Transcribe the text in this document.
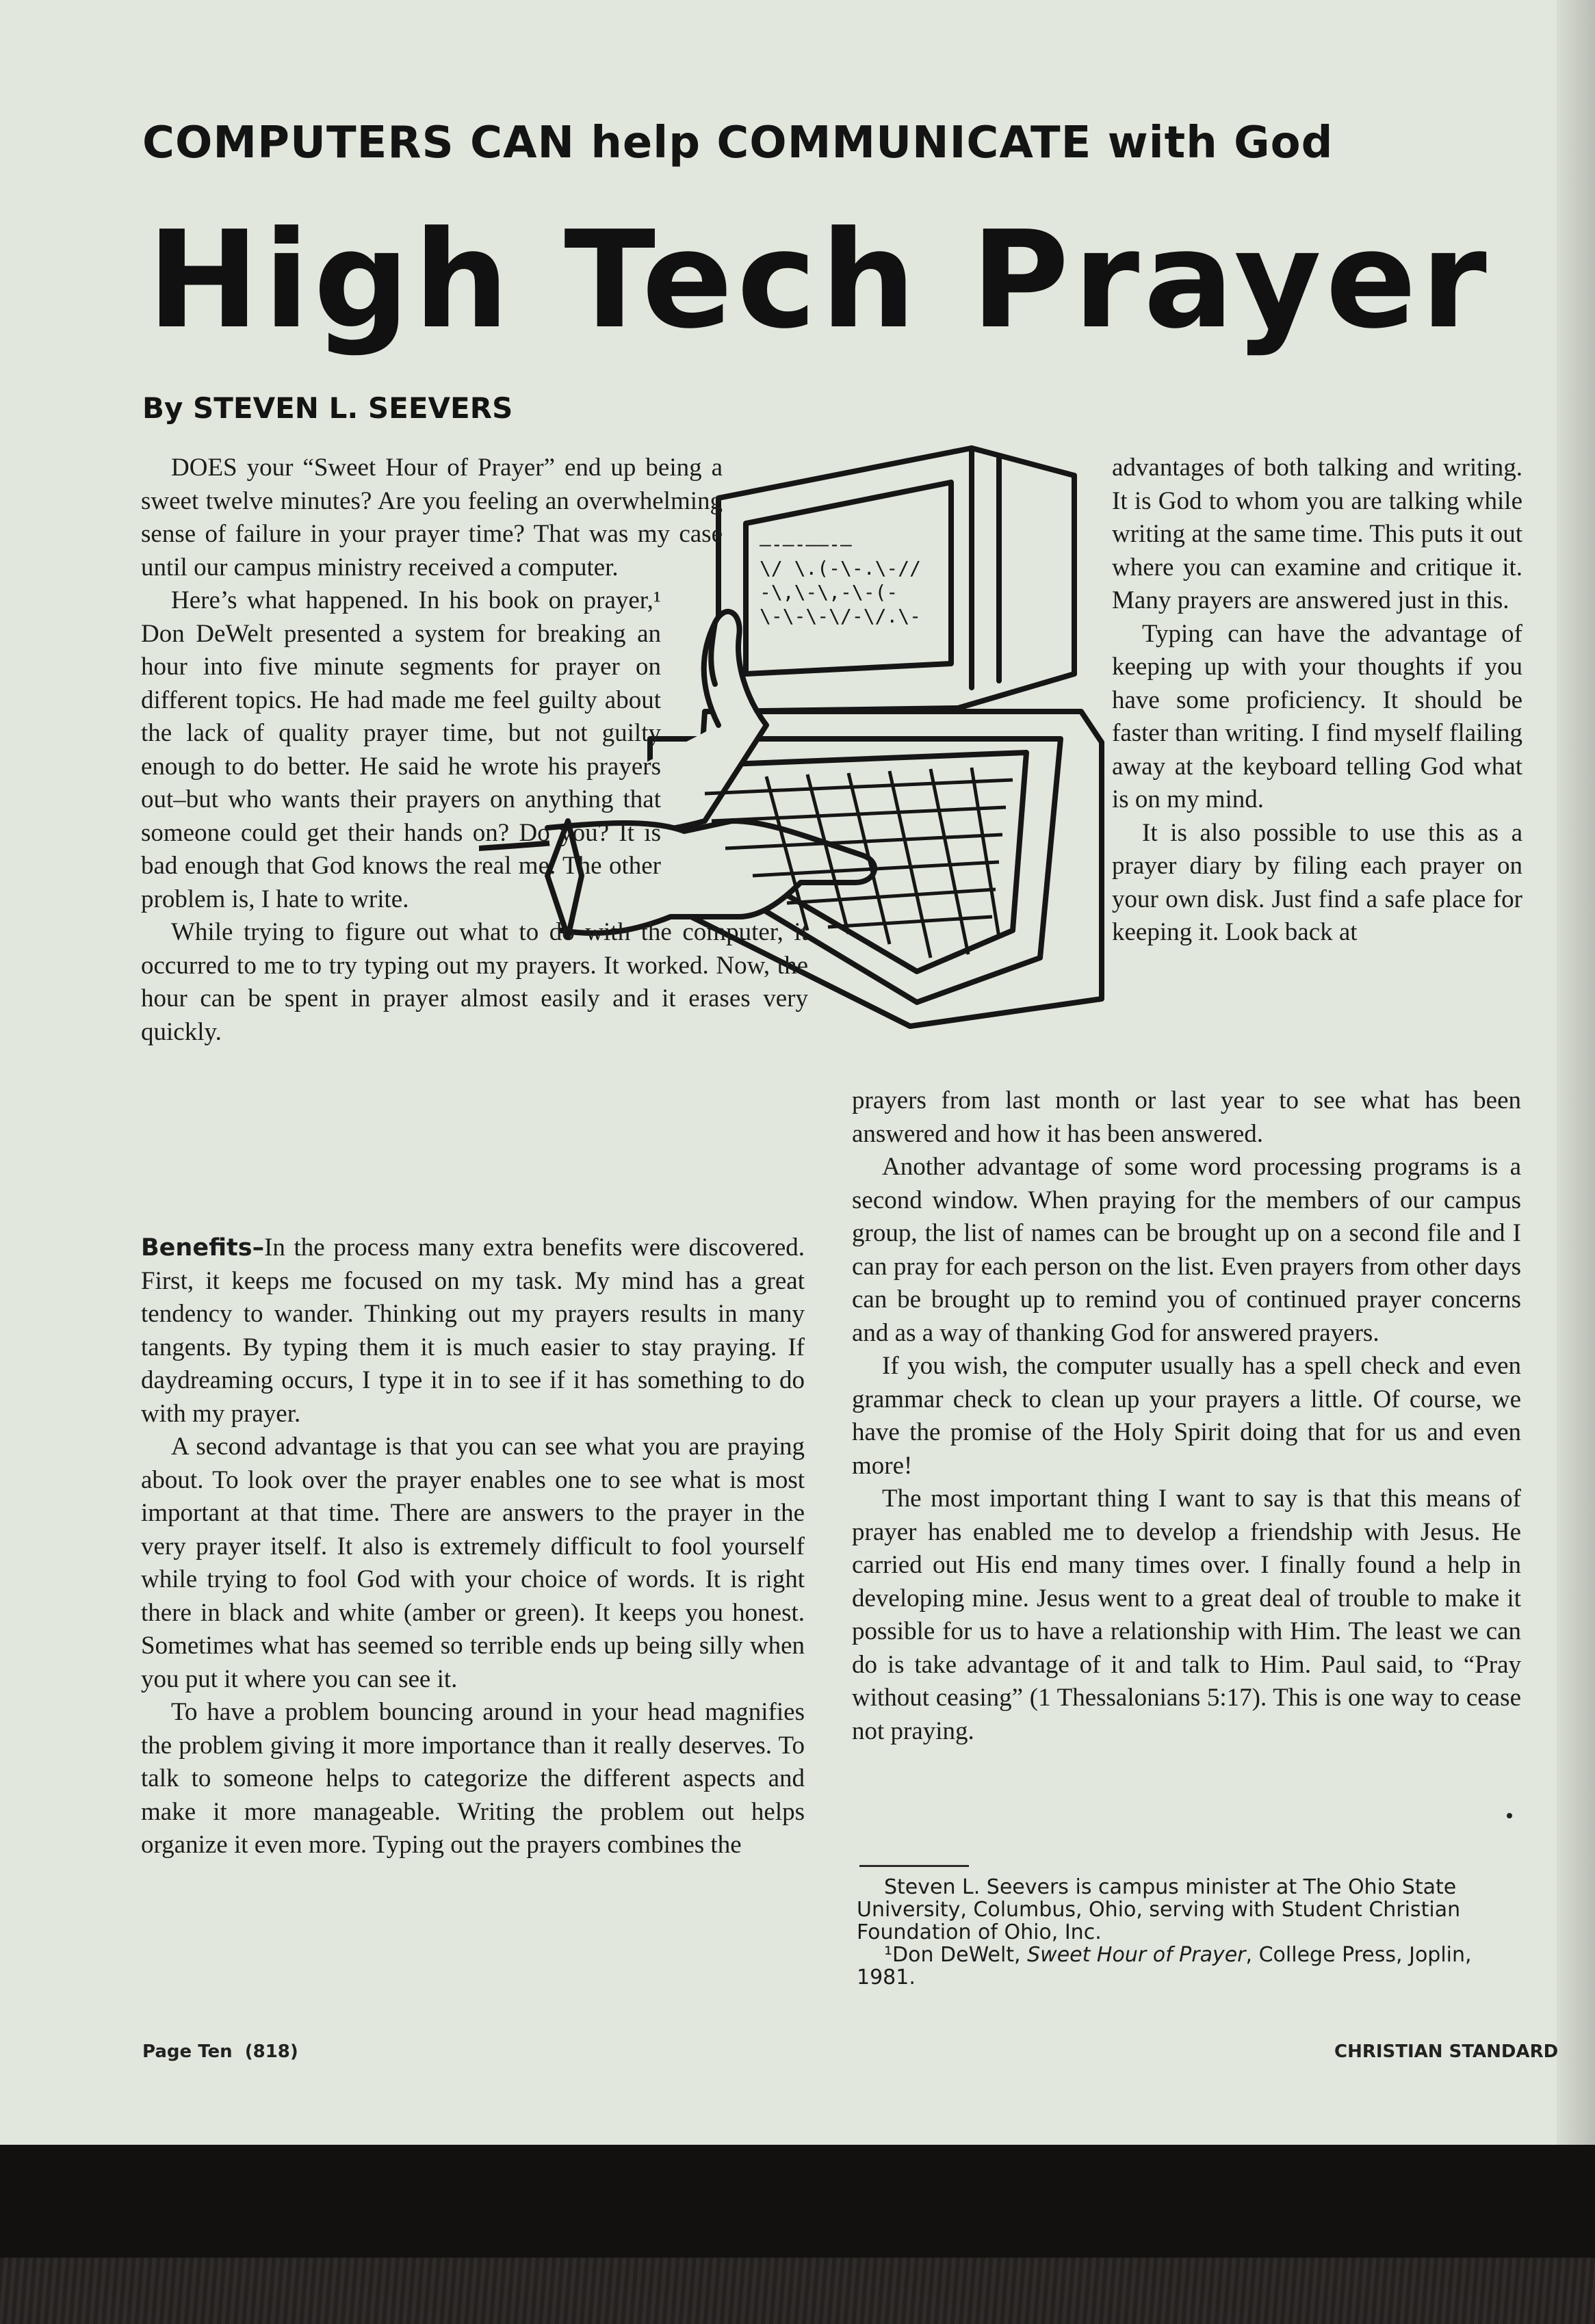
COMPUTERS CAN help COMMUNICATE with God
High Tech Prayer
By STEVEN L. SEEVERS
—-—-——-—
\/ \.(-\-.\-//
-\,\-\,-\-(-
\-\-\-\/-\/.\-

DOES your “Sweet Hour of Prayer” end up being a sweet twelve minutes? Are you feeling an overwhelming sense of failure in your prayer time? That was my case until our campus ministry received a computer.

Here’s what happened. In his book on prayer,¹ Don DeWelt presented a system for breaking an hour into five minute segments for prayer on different topics. He had made me feel guilty about the lack of quality prayer time, but not guilty enough to do better. He said he wrote his prayers out–but who wants their prayers on anything that someone could get their hands on? Do you? It is bad enough that God knows the real me. The other problem is, I hate to write.

While trying to figure out what to do with the computer, it occurred to me to try typing out my prayers. It worked. Now, the hour can be spent in prayer almost easily and it erases very quickly.

Benefits–In the process many extra benefits were discovered. First, it keeps me focused on my task. My mind has a great tendency to wander. Thinking out my prayers results in many tangents. By typing them it is much easier to stay praying. If daydreaming occurs, I type it in to see if it has something to do with my prayer.

A second advantage is that you can see what you are praying about. To look over the prayer enables one to see what is most important at that time. There are answers to the prayer in the very prayer itself. It also is extremely difficult to fool yourself while trying to fool God with your choice of words. It is right there in black and white (amber or green). It keeps you honest. Sometimes what has seemed so terrible ends up being silly when you put it where you can see it.

To have a problem bouncing around in your head magnifies the problem giving it more importance than it really deserves. To talk to someone helps to categorize the different aspects and make it more manageable. Writing the problem out helps organize it even more. Typing out the prayers combines the

advantages of both talking and writing. It is God to whom you are talking while writing at the same time. This puts it out where you can examine and critique it. Many prayers are answered just in this.

Typing can have the advantage of keeping up with your thoughts if you have some proficiency. It should be faster than writing. I find myself flailing away at the keyboard telling God what is on my mind.

It is also possible to use this as a prayer diary by filing each prayer on your own disk. Just find a safe place for keeping it. Look back at

prayers from last month or last year to see what has been answered and how it has been answered.

Another advantage of some word processing programs is a second window. When praying for the members of our campus group, the list of names can be brought up on a second file and I can pray for each person on the list. Even prayers from other days can be brought up to remind you of continued prayer concerns and as a way of thanking God for answered prayers.

If you wish, the computer usually has a spell check and even grammar check to clean up your prayers a little. Of course, we have the promise of the Holy Spirit doing that for us and even more!

The most important thing I want to say is that this means of prayer has enabled me to develop a friendship with Jesus. He carried out His end many times over. I finally found a help in developing mine. Jesus went to a great deal of trouble to make it possible for us to have a relationship with Him. The least we can do is take advantage of it and talk to Him. Paul said, to “Pray without ceasing” (1 Thessalonians 5:17). This is one way to cease not praying.

Steven L. Seevers is campus minister at The Ohio State University, Columbus, Ohio, serving with Student Christian Foundation of Ohio, Inc.

¹Don DeWelt, Sweet Hour of Prayer, College Press, Joplin, 1981.

Page Ten  (818)	CHRISTIAN STANDARD
